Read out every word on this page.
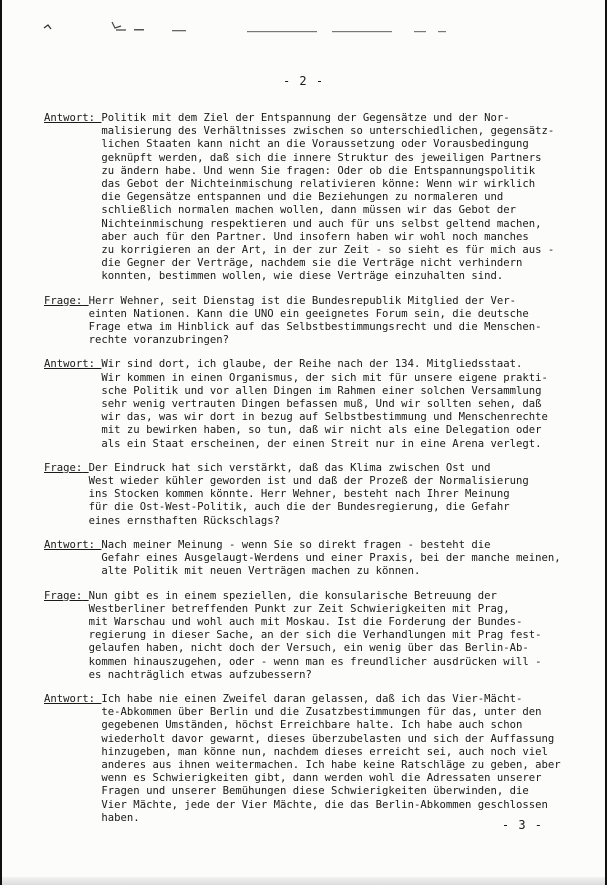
- 2 -
Antwort:
Politik mit dem Ziel der Entspannung der Gegensätze und der Nor-
malisierung des Verhältnisses zwischen so unterschiedlichen, gegensätz-
lichen Staaten kann nicht an die Voraussetzung oder Vorausbedingung
geknüpft werden, daß sich die innere Struktur des jeweiligen Partners
zu ändern habe. Und wenn Sie fragen: Oder ob die Entspannungspolitik
das Gebot der Nichteinmischung relativieren könne: Wenn wir wirklich
die Gegensätze entspannen und die Beziehungen zu normaleren und
schließlich normalen machen wollen, dann müssen wir das Gebot der
Nichteinmischung respektieren und auch für uns selbst geltend machen,
aber auch für den Partner. Und insofern haben wir wohl noch manches
zu korrigieren an der Art, in der zur Zeit - so sieht es für mich aus -
die Gegner der Verträge, nachdem sie die Verträge nicht verhindern
konnten, bestimmen wollen, wie diese Verträge einzuhalten sind.

Frage:
Herr Wehner, seit Dienstag ist die Bundesrepublik Mitglied der Ver-
einten Nationen. Kann die UNO ein geeignetes Forum sein, die deutsche
Frage etwa im Hinblick auf das Selbstbestimmungsrecht und die Menschen-
rechte voranzubringen?

Antwort:
Wir sind dort, ich glaube, der Reihe nach der 134. Mitgliedsstaat.
Wir kommen in einen Organismus, der sich mit für unsere eigene prakti-
sche Politik und vor allen Dingen im Rahmen einer solchen Versammlung
sehr wenig vertrauten Dingen befassen muß, Und wir sollten sehen, daß
wir das, was wir dort in bezug auf Selbstbestimmung und Menschenrechte
mit zu bewirken haben, so tun, daß wir nicht als eine Delegation oder
als ein Staat erscheinen, der einen Streit nur in eine Arena verlegt.

Frage:
Der Eindruck hat sich verstärkt, daß das Klima zwischen Ost und
West wieder kühler geworden ist und daß der Prozeß der Normalisierung
ins Stocken kommen könnte. Herr Wehner, besteht nach Ihrer Meinung
für die Ost-West-Politik, auch die der Bundesregierung, die Gefahr
eines ernsthaften Rückschlags?

Antwort:
Nach meiner Meinung - wenn Sie so direkt fragen - besteht die
Gefahr eines Ausgelaugt-Werdens und einer Praxis, bei der manche meinen,
alte Politik mit neuen Verträgen machen zu können.

Frage:
Nun gibt es in einem speziellen, die konsularische Betreuung der
Westberliner betreffenden Punkt zur Zeit Schwierigkeiten mit Prag,
mit Warschau und wohl auch mit Moskau. Ist die Forderung der Bundes-
regierung in dieser Sache, an der sich die Verhandlungen mit Prag fest-
gelaufen haben, nicht doch der Versuch, ein wenig über das Berlin-Ab-
kommen hinauszugehen, oder - wenn man es freundlicher ausdrücken will -
es nachträglich etwas aufzubessern?

Antwort:
Ich habe nie einen Zweifel daran gelassen, daß ich das Vier-Mächt-
te-Abkommen über Berlin und die Zusatzbestimmungen für das, unter den
gegebenen Umständen, höchst Erreichbare halte. Ich habe auch schon
wiederholt davor gewarnt, dieses überzubelasten und sich der Auffassung
hinzugeben, man könne nun, nachdem dieses erreicht sei, auch noch viel
anderes aus ihnen weitermachen. Ich habe keine Ratschläge zu geben, aber
wenn es Schwierigkeiten gibt, dann werden wohl die Adressaten unserer
Fragen und unserer Bemühungen diese Schwierigkeiten überwinden, die
Vier Mächte, jede der Vier Mächte, die das Berlin-Abkommen geschlossen
haben.

- 3 -
